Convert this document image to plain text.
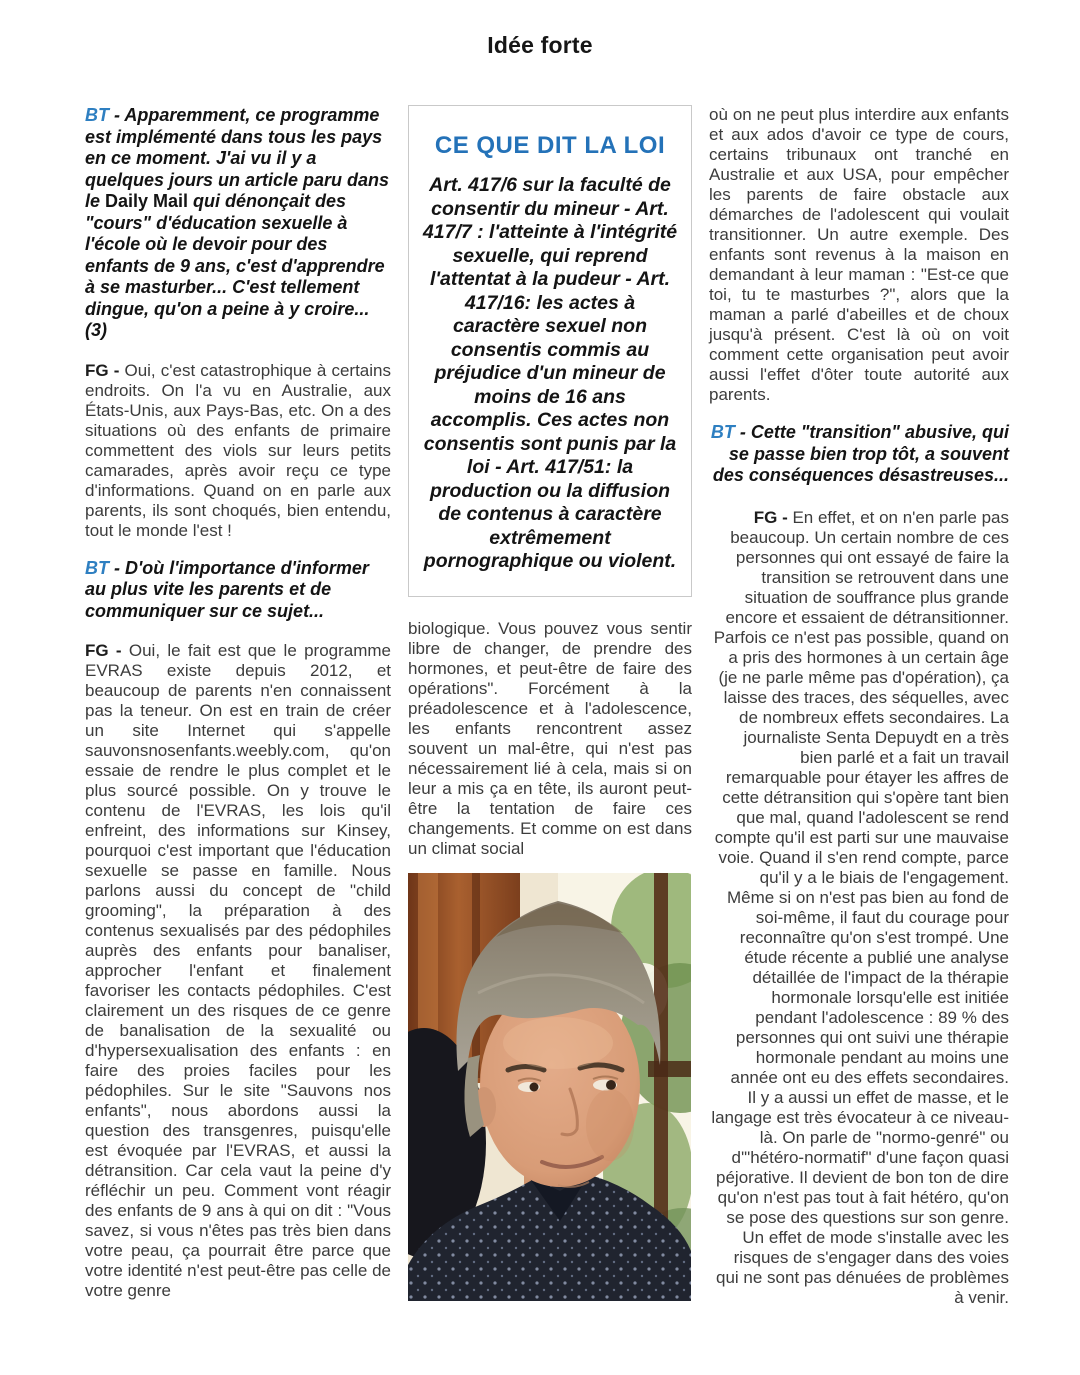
Idée forte

BT - Apparemment, ce programme est implémenté dans tous les pays en ce moment. J'ai vu il y a quelques jours un article paru dans le Daily Mail qui dénonçait des "cours" d'éducation sexuelle à l'école où le devoir pour des enfants de 9 ans, c'est d'apprendre à se masturber... C'est tellement dingue, qu'on a peine à y croire...(3)

FG - Oui, c'est catastrophique à certains endroits. On l'a vu en Australie, aux États-Unis, aux Pays-Bas, etc. On a des situations où des enfants de primaire commettent des viols sur leurs petits camarades, après avoir reçu ce type d'informations. Quand on en parle aux parents, ils sont choqués, bien entendu, tout le monde l'est !

BT - D'où l'importance d'informer au plus vite les parents et de communiquer sur ce sujet...

FG - Oui, le fait est que le programme EVRAS existe depuis 2012, et beaucoup de parents n'en connaissent pas la teneur. On est en train de créer un site Internet qui s'appelle sauvonsnosenfants.weebly.com, qu'on essaie de rendre le plus complet et le plus sourcé possible. On y trouve le contenu de l'EVRAS, les lois qu'il enfreint, des informations sur Kinsey, pourquoi c'est important que l'éducation sexuelle se passe en famille. Nous parlons aussi du concept de "child grooming", la préparation à des contenus sexualisés par des pédophiles auprès des enfants pour banaliser, approcher l'enfant et finalement favoriser les contacts pédophiles. C'est clairement un des risques de ce genre de banalisation de la sexualité ou d'hypersexualisation des enfants : en faire des proies faciles pour les pédophiles. Sur le site "Sauvons nos enfants", nous abordons aussi la question des transgenres, puisqu'elle est évoquée par l'EVRAS, et aussi la détransition. Car cela vaut la peine d'y réfléchir un peu. Comment vont réagir des enfants de 9 ans à qui on dit : "Vous savez, si vous n'êtes pas très bien dans votre peau, ça pourrait être parce que votre identité n'est peut-être pas celle de votre genre

CE QUE DIT LA LOI

Art. 417/6 sur la faculté de consentir du mineur - Art. 417/7 : l'atteinte à l'intégrité sexuelle, qui reprend l'attentat à la pudeur - Art. 417/16: les actes à caractère sexuel non consentis commis au préjudice d'un mineur de moins de 16 ans accomplis. Ces actes non consentis sont punis par la loi - Art. 417/51: la production ou la diffusion de contenus à caractère extrêmement pornographique ou violent.

biologique. Vous pouvez vous sentir libre de changer, de prendre des hormones, et peut-être de faire des opérations". Forcément à la préadolescence et à l'adolescence, les enfants rencontrent assez souvent un mal-être, qui n'est pas nécessairement lié à cela, mais si on leur a mis ça en tête, ils auront peut-être la tentation de faire ces changements. Et comme on est dans un climat social

où on ne peut plus interdire aux enfants et aux ados d'avoir ce type de cours, certains tribunaux ont tranché en Australie et aux USA, pour empêcher les parents de faire obstacle aux démarches de l'adolescent qui voulait transitionner. Un autre exemple. Des enfants sont revenus à la maison en demandant à leur maman : "Est-ce que toi, tu te masturbes ?", alors que la maman a parlé d'abeilles et de choux jusqu'à présent. C'est là où on voit comment cette organisation peut avoir aussi l'effet d'ôter toute autorité aux parents.

BT - Cette "transition" abusive, qui se passe bien trop tôt, a souvent des conséquences désastreuses...

FG - En effet, et on n'en parle pas beaucoup. Un certain nombre de ces personnes qui ont essayé de faire la transition se retrouvent dans une situation de souffrance plus grande encore et essaient de détransitionner. Parfois ce n'est pas possible, quand on a pris des hormones à un certain âge (je ne parle même pas d'opération), ça laisse des traces, des séquelles, avec de nombreux effets secondaires. La journaliste Senta Depuydt en a très bien parlé et a fait un travail remarquable pour étayer les affres de cette détransition qui s'opère tant bien que mal, quand l'adolescent se rend compte qu'il est parti sur une mauvaise voie. Quand il s'en rend compte, parce qu'il y a le biais de l'engagement. Même si on n'est pas bien au fond de soi-même, il faut du courage pour reconnaître qu'on s'est trompé. Une étude récente a publié une analyse détaillée de l'impact de la thérapie hormonale lorsqu'elle est initiée pendant l'adolescence : 89 % des personnes qui ont suivi une thérapie hormonale pendant au moins une année ont eu des effets secondaires.

Il y a aussi un effet de masse, et le langage est très évocateur à ce niveau-là. On parle de "normo-genré" ou d'"hétéro-normatif" d'une façon quasi péjorative. Il devient de bon ton de dire qu'on n'est pas tout à fait hétéro, qu'on se pose des questions sur son genre. Un effet de mode s'installe avec les risques de s'engager dans des voies qui ne sont pas dénuées de problèmes à venir.
